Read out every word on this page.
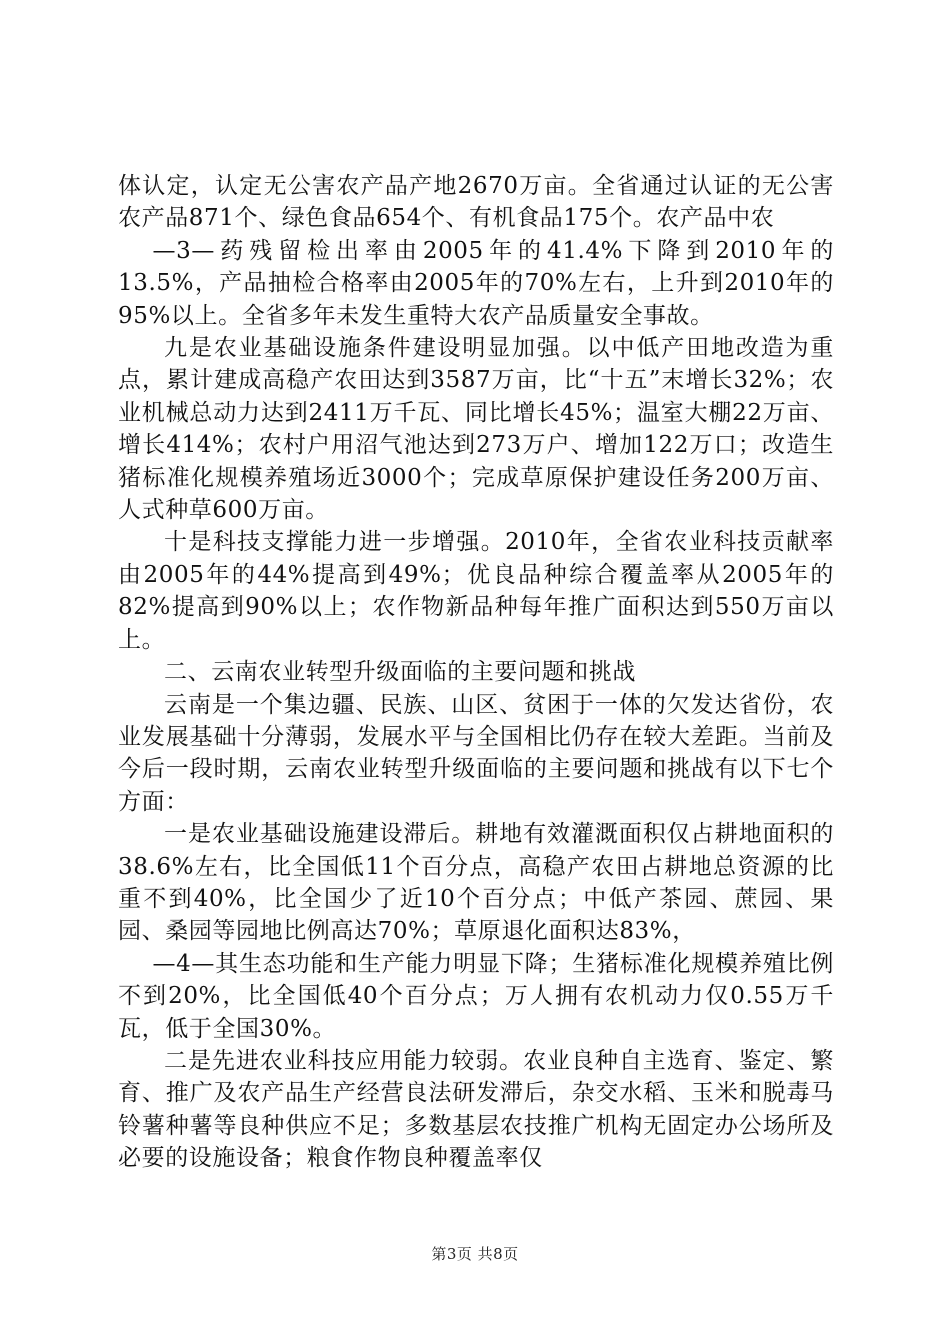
体认定，认定无公害农产品产地2670万亩。全省通过认证的无公害农产品871个、绿色食品654个、有机食品175个。农产品中农

—3—药残留检出率由2005年的41.4%下降到2010年的13.5%，产品抽检合格率由2005年的70%左右，上升到2010年的95%以上。全省多年未发生重特大农产品质量安全事故。

九是农业基础设施条件建设明显加强。以中低产田地改造为重点，累计建成高稳产农田达到3587万亩，比“十五”末增长32%；农业机械总动力达到2411万千瓦、同比增长45%；温室大棚22万亩、增长414%；农村户用沼气池达到273万户、增加122万口；改造生猪标准化规模养殖场近3000个；完成草原保护建设任务200万亩、人式种草600万亩。

十是科技支撑能力进一步增强。2010年，全省农业科技贡献率由2005年的44%提高到49%；优良品种综合覆盖率从2005年的82%提高到90%以上；农作物新品种每年推广面积达到550万亩以上。

二、云南农业转型升级面临的主要问题和挑战

云南是一个集边疆、民族、山区、贫困于一体的欠发达省份，农业发展基础十分薄弱，发展水平与全国相比仍存在较大差距。当前及今后一段时期，云南农业转型升级面临的主要问题和挑战有以下七个方面：

一是农业基础设施建设滞后。耕地有效灌溉面积仅占耕地面积的38.6%左右，比全国低11个百分点，高稳产农田占耕地总资源的比重不到40%，比全国少了近10个百分点；中低产茶园、蔗园、果园、桑园等园地比例高达70%；草原退化面积达83%，

—4—其生态功能和生产能力明显下降；生猪标准化规模养殖比例不到20%，比全国低40个百分点；万人拥有农机动力仅0.55万千瓦，低于全国30%。

二是先进农业科技应用能力较弱。农业良种自主选育、鉴定、繁育、推广及农产品生产经营良法研发滞后，杂交水稻、玉米和脱毒马铃薯种薯等良种供应不足；多数基层农技推广机构无固定办公场所及必要的设施设备；粮食作物良种覆盖率仅

第3页 共8页
